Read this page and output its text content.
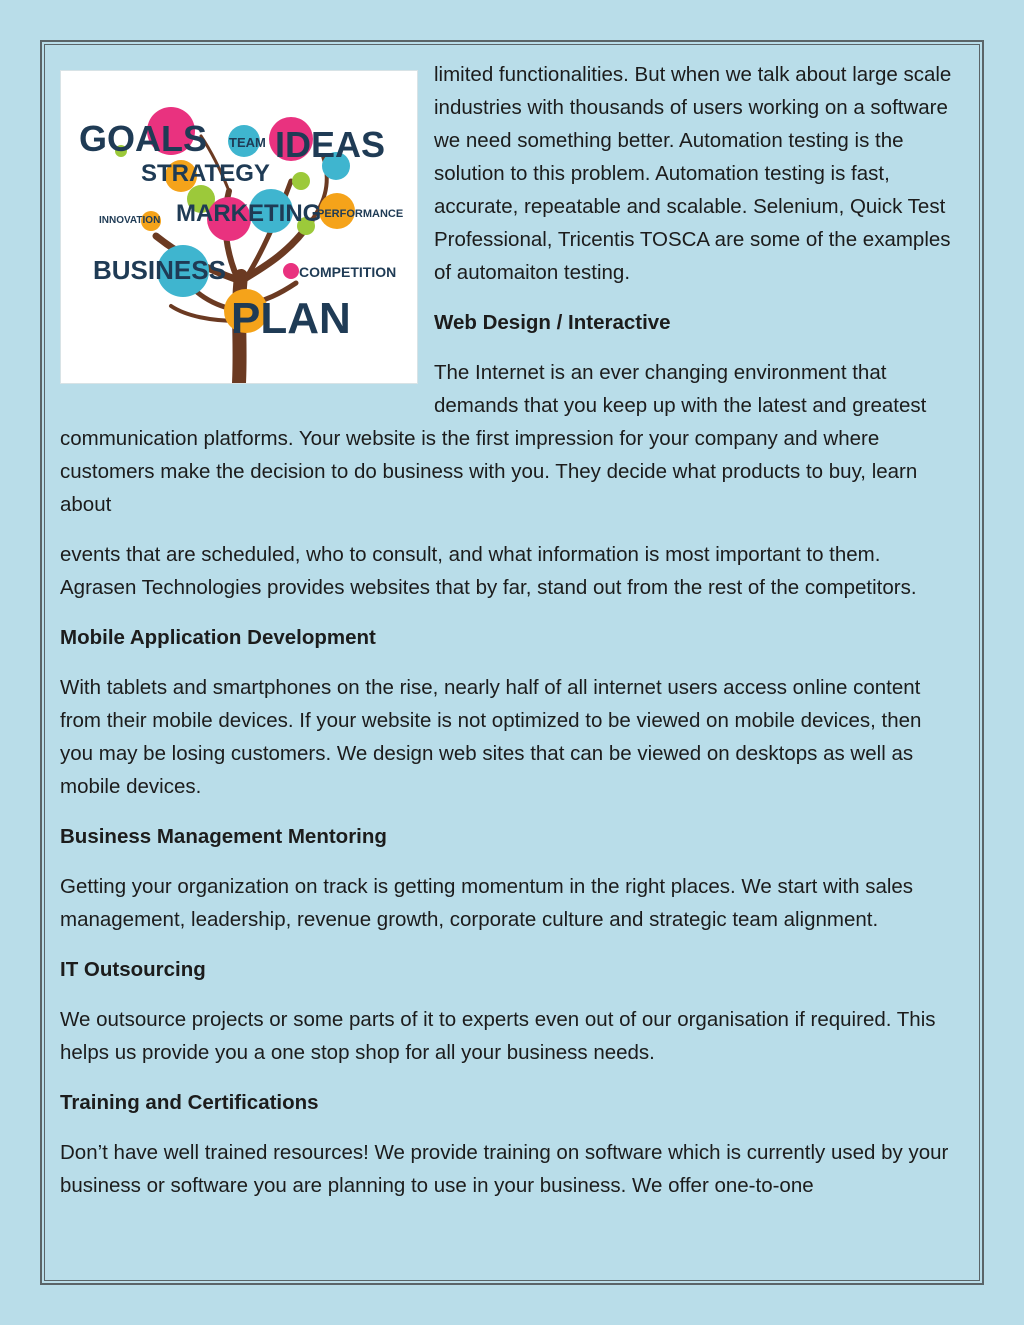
GOALS TEAM IDEAS
STRATEGY
INNOVATION MARKETING
PERFORMANCE
BUSINESS	COMPETITION
PLAN

limited functionalities. But when we talk about large scale industries with thousands of users working on a software we need something better. Automation testing is the solution to this problem. Automation testing is fast, accurate, repeatable and scalable. Selenium, Quick Test Professional, Tricentis TOSCA are some of the examples of automaiton testing.

Web Design / Interactive

The Internet is an ever changing environment that demands that you keep up with the latest and greatest communication platforms. Your website is the first impression for your company and where customers make the decision to do business with you. They decide what products to buy, learn about

events that are scheduled, who to consult, and what information is most important to them. Agrasen Technologies provides websites that by far, stand out from the rest of the competitors.

Mobile Application Development

With tablets and smartphones on the rise, nearly half of all internet users access online content from their mobile devices. If your website is not optimized to be viewed on mobile devices, then you may be losing customers. We design web sites that can be viewed on desktops as well as mobile devices.

Business Management Mentoring

Getting your organization on track is getting momentum in the right places. We start with sales management, leadership, revenue growth, corporate culture and strategic team alignment.

IT Outsourcing

We outsource projects or some parts of it to experts even out of our organisation if required. This helps us provide you a one stop shop for all your business needs.

Training and Certifications

Don’t have well trained resources! We provide training on software which is currently used by your business or software you are planning to use in your business. We offer one-to-one
